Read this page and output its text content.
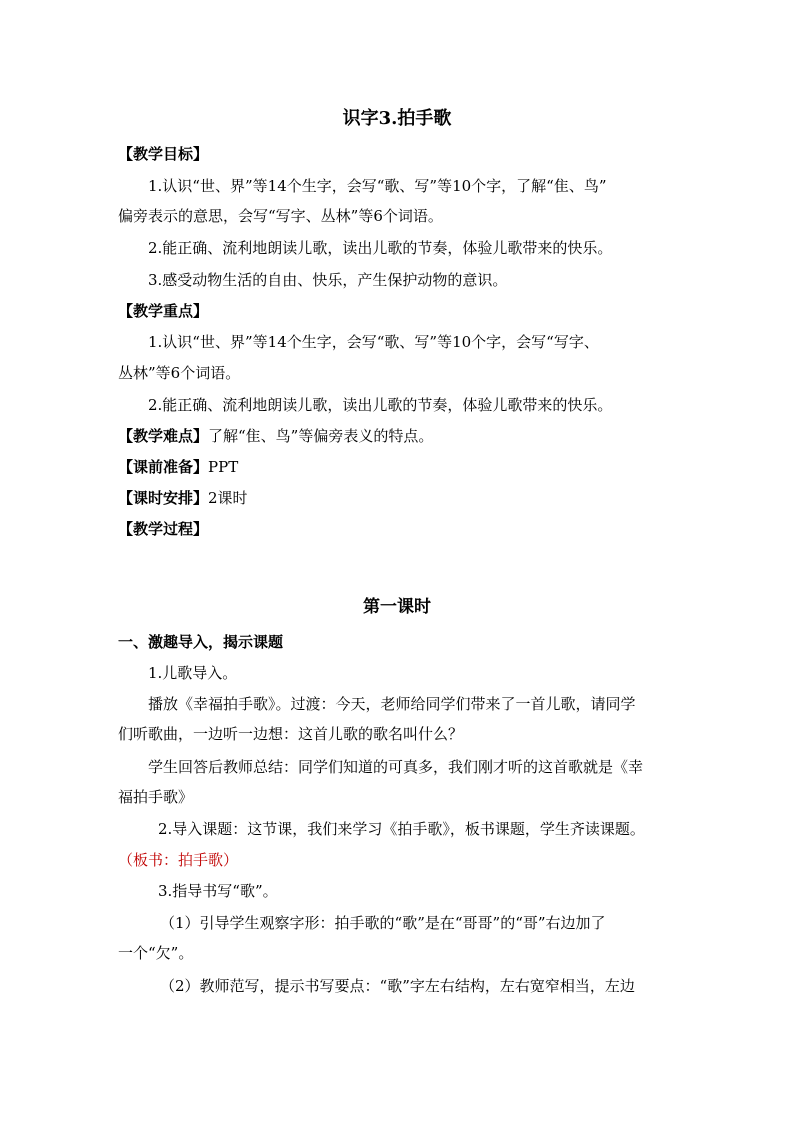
识字3.拍手歌
【教学目标】
1.认识“世、界”等14个生字，会写“歌、写”等10个字，了解“隹、鸟”
偏旁表示的意思，会写“写字、丛林”等6个词语。
2.能正确、流利地朗读儿歌，读出儿歌的节奏，体验儿歌带来的快乐。
3.感受动物生活的自由、快乐，产生保护动物的意识。
【教学重点】
1.认识“世、界”等14个生字，会写“歌、写”等10个字，会写“写字、
丛林”等6个词语。
2.能正确、流利地朗读儿歌，读出儿歌的节奏，体验儿歌带来的快乐。
【教学难点】了解“隹、鸟”等偏旁表义的特点。
【课前准备】PPT
【课时安排】2课时
【教学过程】
第一课时
一、激趣导入，揭示课题
1.儿歌导入。
播放《幸福拍手歌》。过渡：今天，老师给同学们带来了一首儿歌，请同学
们听歌曲，一边听一边想：这首儿歌的歌名叫什么？
学生回答后教师总结：同学们知道的可真多，我们刚才听的这首歌就是《幸
福拍手歌》
2.导入课题：这节课，我们来学习《拍手歌》，板书课题，学生齐读课题。
（板书：拍手歌）
3.指导书写“歌”。
（1）引导学生观察字形：拍手歌的“歌”是在“哥哥”的“哥”右边加了
一个“欠”。
（2）教师范写，提示书写要点：“歌”字左右结构，左右宽窄相当，左边
